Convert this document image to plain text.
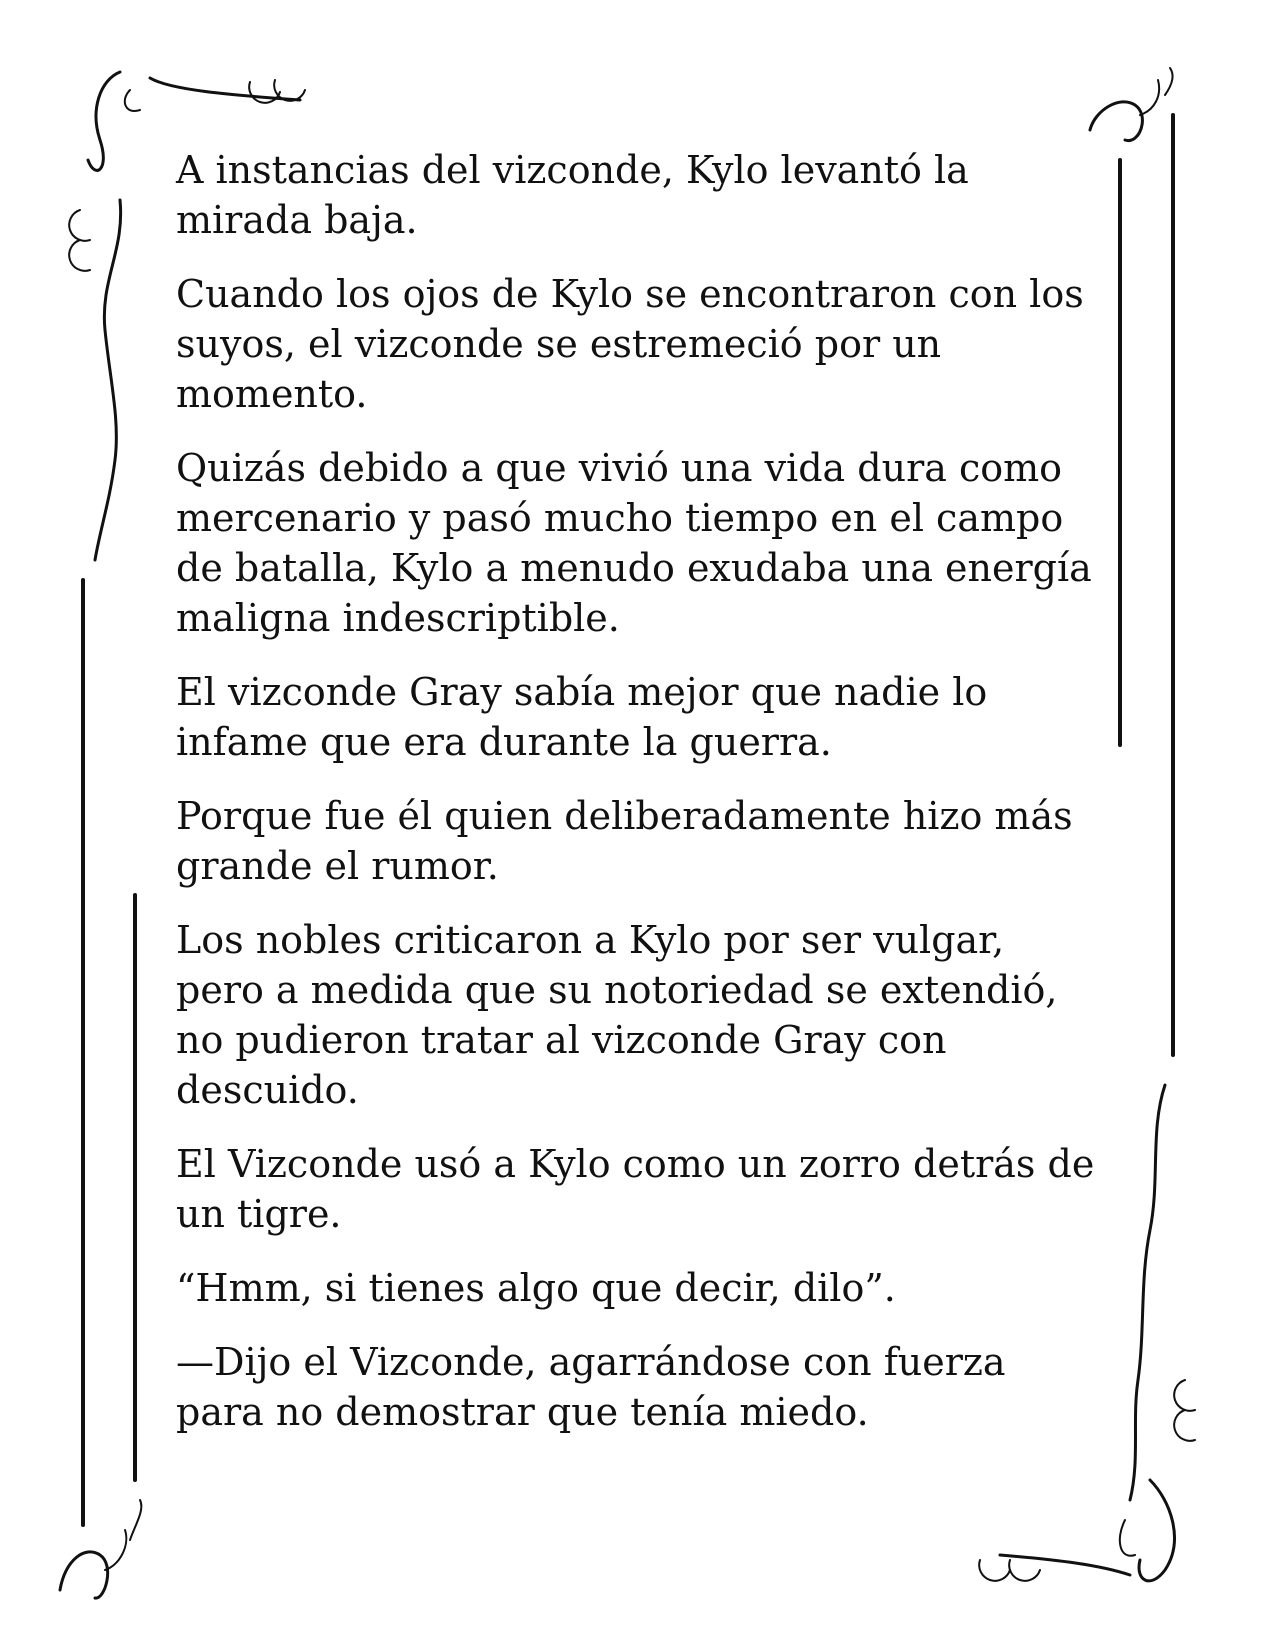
A instancias del vizconde, Kylo levantó la
mirada baja.

Cuando los ojos de Kylo se encontraron con los
suyos, el vizconde se estremeció por un
momento.

Quizás debido a que vivió una vida dura como
mercenario y pasó mucho tiempo en el campo
de batalla, Kylo a menudo exudaba una energía
maligna indescriptible.

El vizconde Gray sabía mejor que nadie lo
infame que era durante la guerra.

Porque fue él quien deliberadamente hizo más
grande el rumor.

Los nobles criticaron a Kylo por ser vulgar,
pero a medida que su notoriedad se extendió,
no pudieron tratar al vizconde Gray con
descuido.

El Vizconde usó a Kylo como un zorro detrás de
un tigre.

“Hmm, si tienes algo que decir, dilo”.

—Dijo el Vizconde, agarrándose con fuerza
para no demostrar que tenía miedo.
